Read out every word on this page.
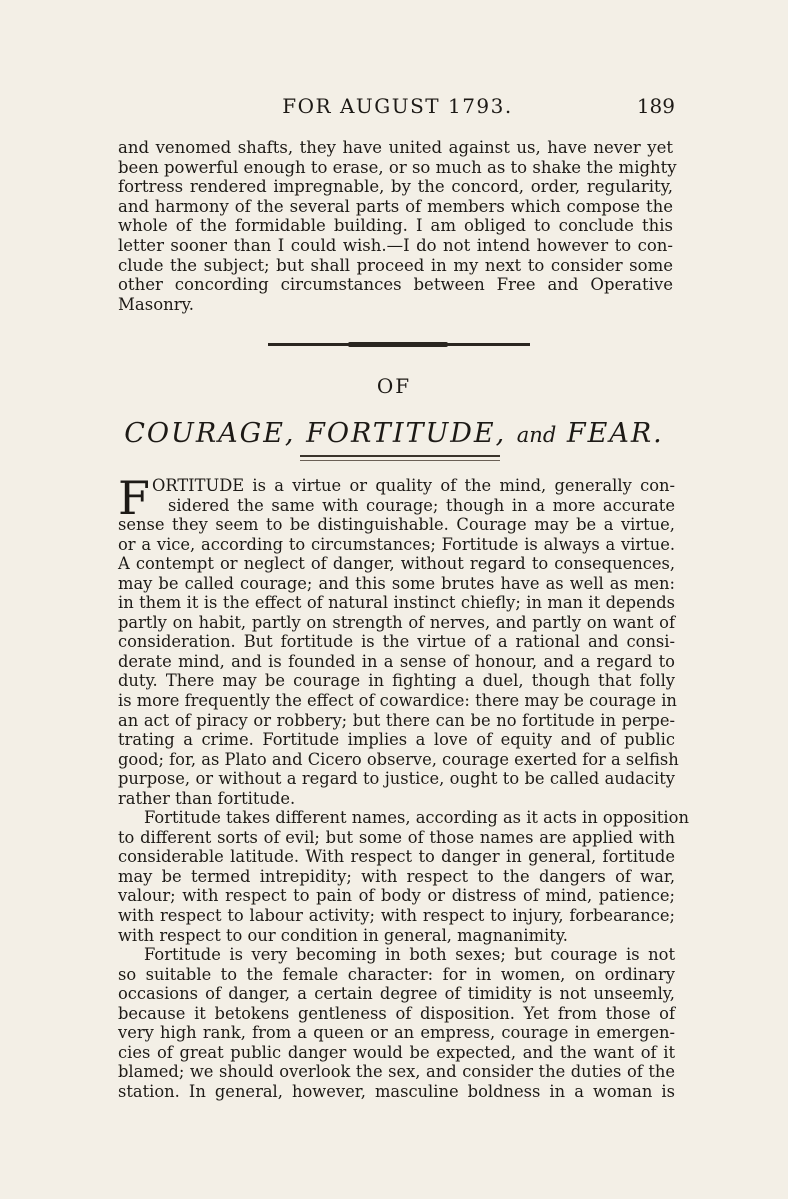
FOR AUGUST 1793.	189
and venomed shafts, they have united against us, have never yet
been powerful enough to erase, or so much as to shake the mighty
fortress rendered impregnable, by the concord, order, regularity,
and harmony of the several parts of members which compose the
whole of the formidable building. I am obliged to conclude this
letter sooner than I could wish.—I do not intend however to con-
clude the subject; but shall proceed in my next to consider some
other concording circumstances between Free and Operative
Masonry.
OF
COURAGE, FORTITUDE, and FEAR.
F ORTITUDE is a virtue or quality of the mind, generally con-
sidered the same with courage; though in a more accurate
sense they seem to be distinguishable. Courage may be a virtue,
or a vice, according to circumstances; Fortitude is always a virtue.
A contempt or neglect of danger, without regard to consequences,
may be called courage; and this some brutes have as well as men:
in them it is the effect of natural instinct chiefly; in man it depends
partly on habit, partly on strength of nerves, and partly on want of
consideration. But fortitude is the virtue of a rational and consi-
derate mind, and is founded in a sense of honour, and a regard to
duty. There may be courage in fighting a duel, though that folly
is more frequently the effect of cowardice: there may be courage in
an act of piracy or robbery; but there can be no fortitude in perpe-
trating a crime. Fortitude implies a love of equity and of public
good; for, as Plato and Cicero observe, courage exerted for a selfish
purpose, or without a regard to justice, ought to be called audacity
rather than fortitude.
Fortitude takes different names, according as it acts in opposition
to different sorts of evil; but some of those names are applied with
considerable latitude. With respect to danger in general, fortitude
may be termed intrepidity; with respect to the dangers of war,
valour; with respect to pain of body or distress of mind, patience;
with respect to labour activity; with respect to injury, forbearance;
with respect to our condition in general, magnanimity.
Fortitude is very becoming in both sexes; but courage is not
so suitable to the female character: for in women, on ordinary
occasions of danger, a certain degree of timidity is not unseemly,
because it betokens gentleness of disposition. Yet from those of
very high rank, from a queen or an empress, courage in emergen-
cies of great public danger would be expected, and the want of it
blamed; we should overlook the sex, and consider the duties of the
station. In general, however, masculine boldness in a woman is
